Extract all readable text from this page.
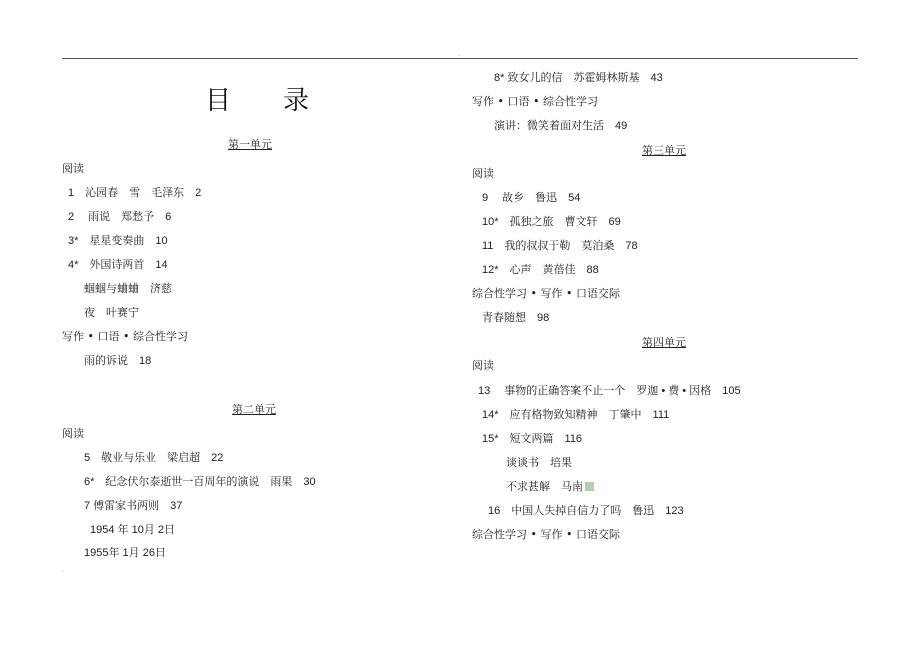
.
.
目　　录
第一单元
阅读
1　沁园春　雪　毛泽东　2
2　 雨说　郑愁予　6
3*　星星变奏曲　10
4*　外国诗两首　14
蝈蝈与蛐蛐　济慈
夜　叶赛宁
写作 • 口语 • 综合性学习
雨的诉说　18
第二单元
阅读
5　敬业与乐业　梁启超　22
6*　纪念伏尔泰逝世一百周年的演说　雨果　30
7 傅雷家书两则　37
1954 年 10月 2日
1955年 1月 26日
8* 致女儿的信　苏霍姆林斯基　43
写作 • 口语 • 综合性学习
演讲：微笑着面对生活　49
第三单元
阅读
9　 故乡　鲁迅　54
10*　孤独之旅　曹文轩　69
11　我的叔叔于勒　莫泊桑　78
12*　心声　黄蓓佳　88
综合性学习 • 写作 • 口语交际
青春随想　98
第四单元
阅读
13　 事物的正确答案不止一个　罗迦 • 费 • 因格　105
14*　应有格物致知精神　丁肇中　111
15*　短文两篇　116
谈谈书　培果
不求甚解　马南
16　中国人失掉自信力了吗　鲁迅　123
综合性学习 • 写作 • 口语交际
